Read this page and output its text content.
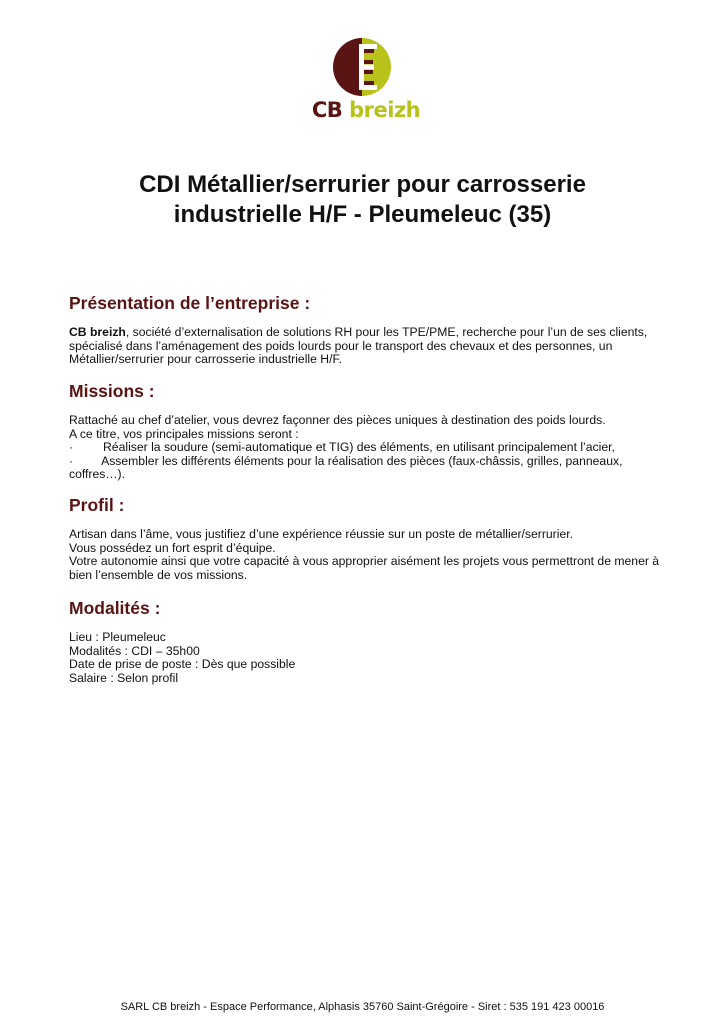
CB breizh
CDI Métallier/serrurier pour carrosserie
industrielle H/F - Pleumeleuc (35)
Présentation de l’entreprise :

CB breizh, société d’externalisation de solutions RH pour les TPE/PME, recherche pour l’un de ses clients, spécialisé dans l’aménagement des poids lourds pour le transport des chevaux et des personnes, un Métallier/serrurier pour carrosserie industrielle H/F.

Missions :
Rattaché au chef d’atelier, vous devrez façonner des pièces uniques à destination des poids lourds.
A ce titre, vos principales missions seront :
· Réaliser la soudure (semi-automatique et TIG) des éléments, en utilisant principalement l’acier,
· Assembler les différents éléments pour la réalisation des pièces (faux-châssis, grilles, panneaux, coffres…).
Profil :
Artisan dans l’âme, vous justifiez d’une expérience réussie sur un poste de métallier/serrurier.
Vous possédez un fort esprit d’équipe.
Votre autonomie ainsi que votre capacité à vous approprier aisément les projets vous permettront de mener à bien l’ensemble de vos missions.
Modalités :
Lieu : Pleumeleuc
Modalités : CDI – 35h00
Date de prise de poste : Dès que possible
Salaire : Selon profil
SARL CB breizh - Espace Performance, Alphasis 35760 Saint-Grégoire - Siret : 535 191 423 00016
